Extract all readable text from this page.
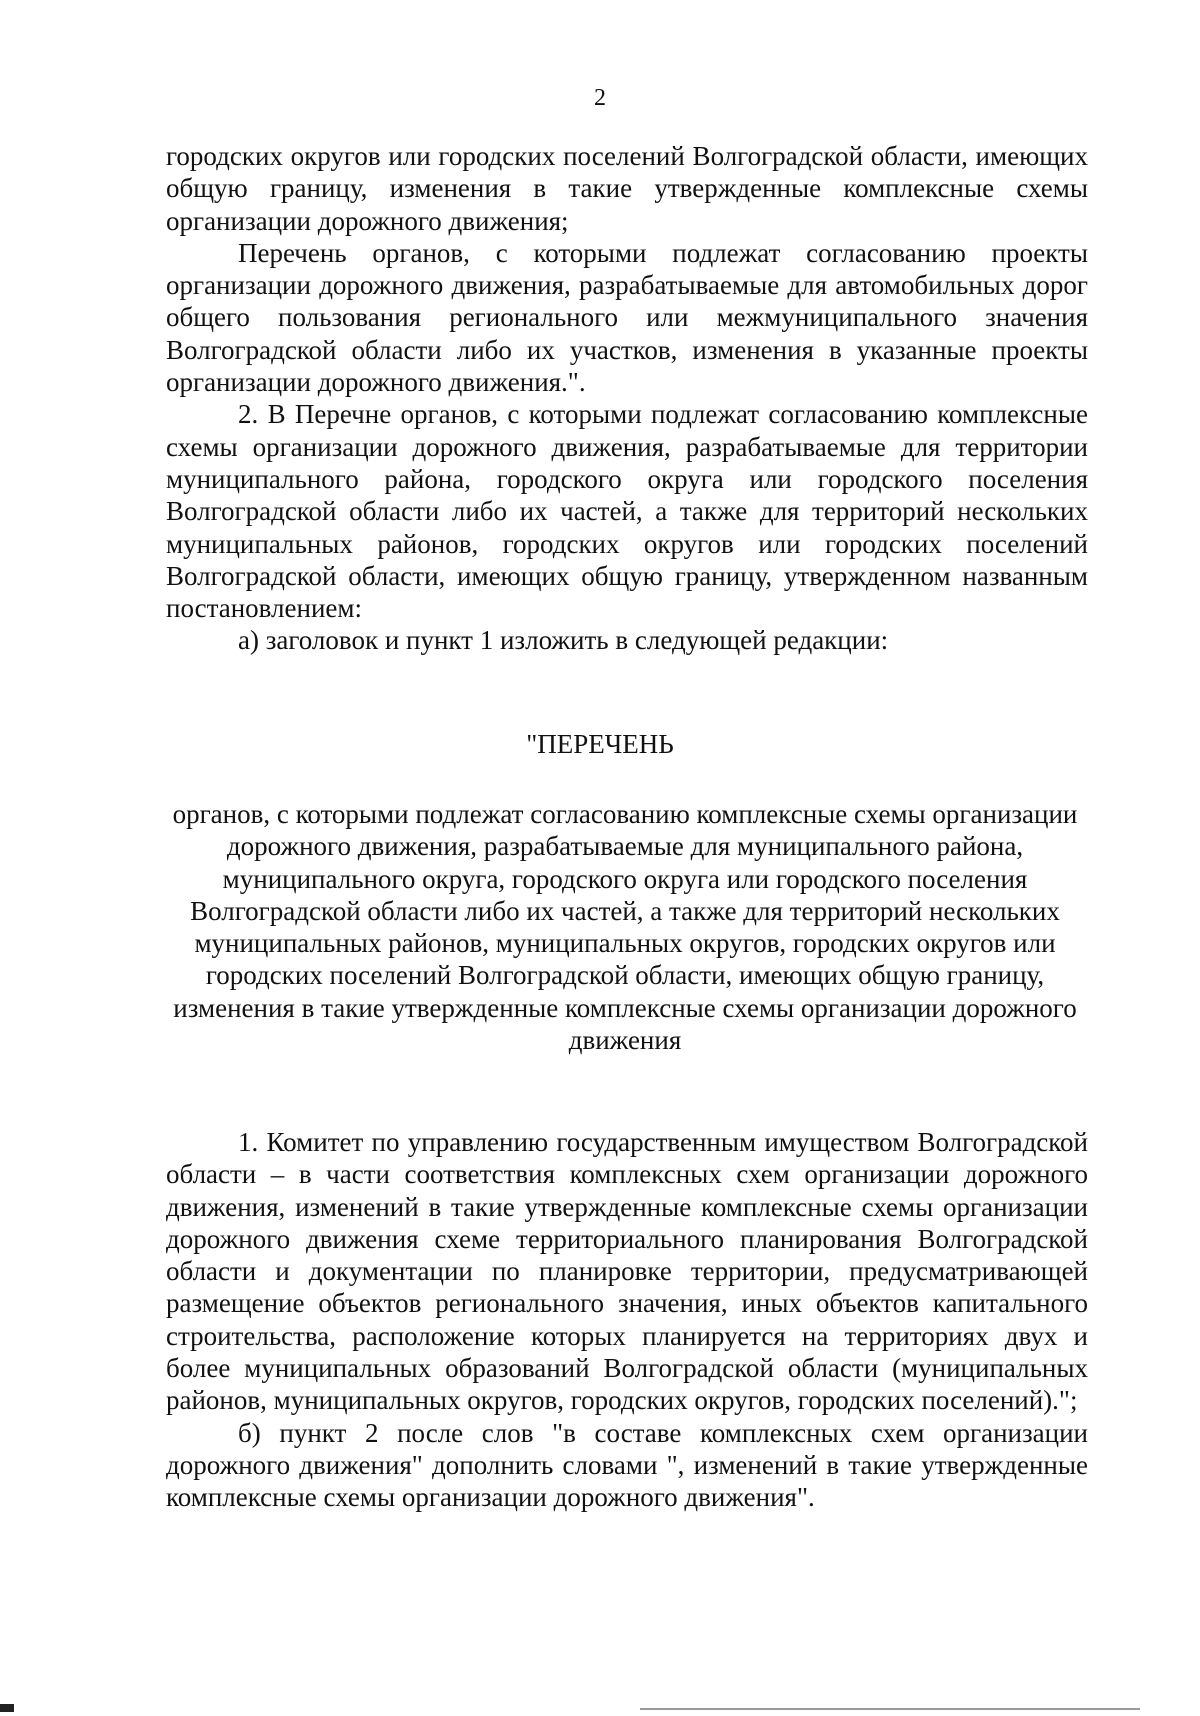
2

городских округов или городских поселений Волгоградской области, имеющих общую границу, изменения в такие утвержденные комплексные схемы организации дорожного движения;

Перечень органов, с которыми подлежат согласованию проекты организации дорожного движения, разрабатываемые для автомобильных дорог общего пользования регионального или межмуниципального значения Волгоградской области либо их участков, изменения в указанные проекты организации дорожного движения.".

2. В Перечне органов, с которыми подлежат согласованию комплексные схемы организации дорожного движения, разрабатываемые для территории муниципального района, городского округа или городского поселения Волгоградской области либо их частей, а также для территорий нескольких муниципальных районов, городских округов или городских поселений Волгоградской области, имеющих общую границу, утвержденном названным постановлением:

а) заголовок и пункт 1 изложить в следующей редакции:

"ПЕРЕЧЕНЬ
органов, с которыми подлежат согласованию комплексные схемы организации дорожного движения, разрабатываемые для муниципального района, муниципального округа, городского округа или городского поселения Волгоградской области либо их частей, а также для территорий нескольких муниципальных районов, муниципальных округов, городских округов или городских поселений Волгоградской области, имеющих общую границу, изменения в такие утвержденные комплексные схемы организации дорожного движения

1. Комитет по управлению государственным имуществом Волгоградской области – в части соответствия комплексных схем организации дорожного движения, изменений в такие утвержденные комплексные схемы организации дорожного движения схеме территориального планирования Волгоградской области и документации по планировке территории, предусматривающей размещение объектов регионального значения, иных объектов капитального строительства, расположение которых планируется на территориях двух и более муниципальных образований Волгоградской области (муниципальных районов, муниципальных округов, городских округов, городских поселений).";

б) пункт 2 после слов "в составе комплексных схем организации дорожного движения" дополнить словами ", изменений в такие утвержденные комплексные схемы организации дорожного движения".
